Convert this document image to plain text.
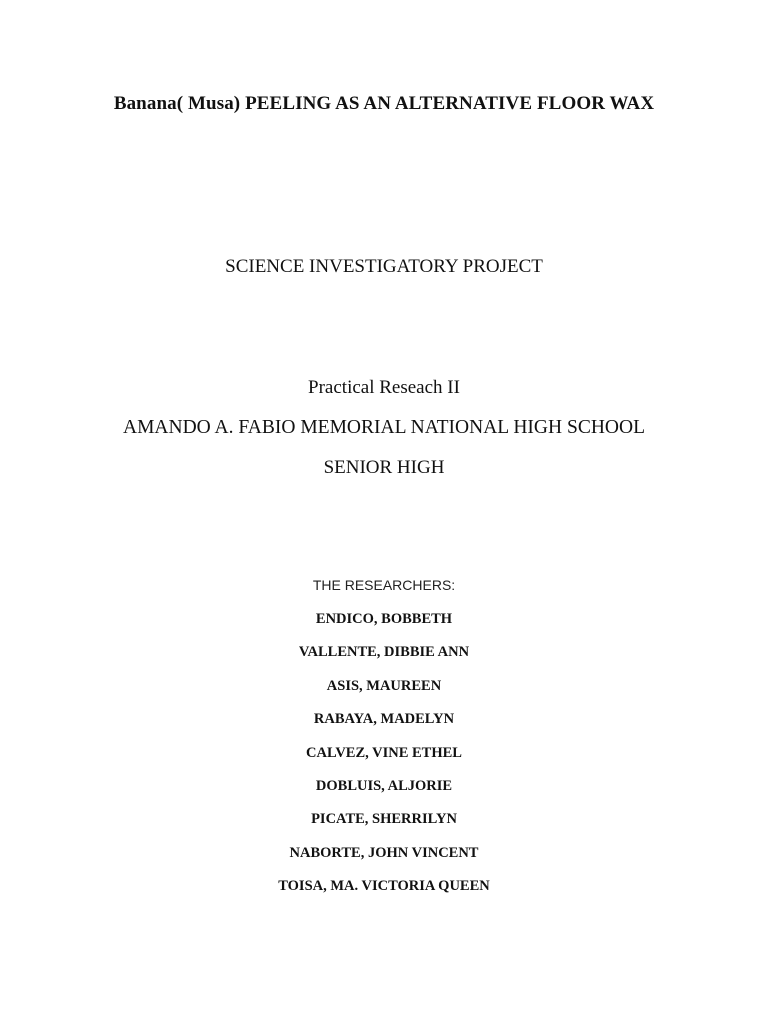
Banana( Musa) PEELING AS AN ALTERNATIVE FLOOR WAX

SCIENCE INVESTIGATORY PROJECT

Practical Reseach II

AMANDO A. FABIO MEMORIAL NATIONAL HIGH SCHOOL

SENIOR HIGH

THE RESEARCHERS:

ENDICO, BOBBETH
VALLENTE, DIBBIE ANN
ASIS, MAUREEN
RABAYA, MADELYN
CALVEZ, VINE ETHEL
DOBLUIS, ALJORIE
PICATE, SHERRILYN
NABORTE, JOHN VINCENT
TOISA, MA. VICTORIA QUEEN
